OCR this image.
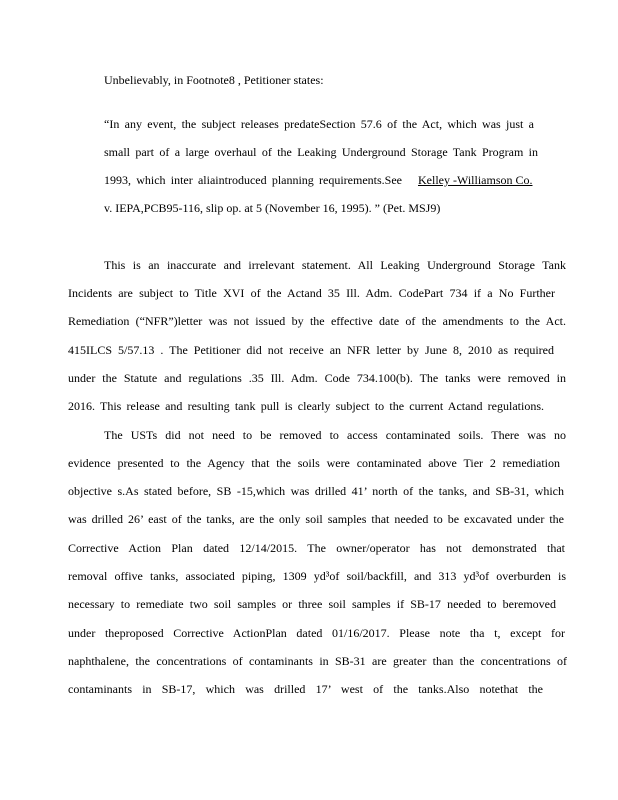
Unbelievably, in Footnote8 , Petitioner states:
“In any event, the subject releases predateSection 57.6 of the Act, which was just a
small part of a large overhaul of the Leaking Underground Storage Tank Program in
1993, which inter aliaintroduced planning requirements.See Kelley -Williamson Co.
v. IEPA,PCB95-116, slip op. at 5 (November 16, 1995). ” (Pet. MSJ9)
This is an inaccurate and irrelevant statement. All Leaking Underground Storage Tank
Incidents are subject to Title XVI of the Actand 35 Ill. Adm. CodePart 734 if a No Further
Remediation (“NFR”)letter was not issued by the effective date of the amendments to the Act.
415ILCS 5/57.13 . The Petitioner did not receive an NFR letter by June 8, 2010 as required
under the Statute and regulations .35 Ill. Adm. Code 734.100(b). The tanks were removed in
2016. This release and resulting tank pull is clearly subject to the current Actand regulations.
The USTs did not need to be removed to access contaminated soils. There was no
evidence presented to the Agency that the soils were contaminated above Tier 2 remediation
objective s.As stated before, SB -15,which was drilled 41’ north of the tanks, and SB-31, which
was drilled 26’ east of the tanks, are the only soil samples that needed to be excavated under the
Corrective Action Plan dated 12/14/2015. The owner/operator has not demonstrated that
removal offive tanks, associated piping, 1309 yd³of soil/backfill, and 313 yd³of overburden is
necessary to remediate two soil samples or three soil samples if SB-17 needed to beremoved
under theproposed Corrective ActionPlan dated 01/16/2017. Please note tha t, except for
naphthalene, the concentrations of contaminants in SB-31 are greater than the concentrations of
contaminants in SB-17, which was drilled 17’ west of the tanks.Also notethat the
